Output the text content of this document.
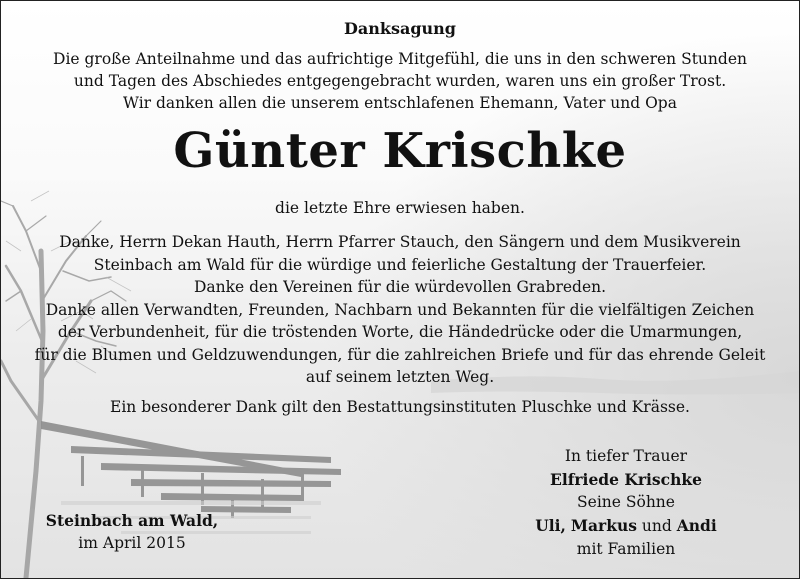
Danksagung
Die große Anteilnahme und das aufrichtige Mitgefühl, die uns in den schweren Stunden
und Tagen des Abschiedes entgegengebracht wurden, waren uns ein großer Trost.
Wir danken allen die unserem entschlafenen Ehemann, Vater und Opa
Günter Krischke
die letzte Ehre erwiesen haben.
Danke, Herrn Dekan Hauth, Herrn Pfarrer Stauch, den Sängern und dem Musikverein
Steinbach am Wald für die würdige und feierliche Gestaltung der Trauerfeier.
Danke den Vereinen für die würdevollen Grabreden.
Danke allen Verwandten, Freunden, Nachbarn und Bekannten für die vielfältigen Zeichen
der Verbundenheit, für die tröstenden Worte, die Händedrücke oder die Umarmungen,
für die Blumen und Geldzuwendungen, für die zahlreichen Briefe und für das ehrende Geleit
auf seinem letzten Weg.
Ein besonderer Dank gilt den Bestattungsinstituten Pluschke und Krässe.
Steinbach am Wald,
im April 2015
In tiefer Trauer
Elfriede Krischke
Seine Söhne
Uli, Markus und Andi
mit Familien
